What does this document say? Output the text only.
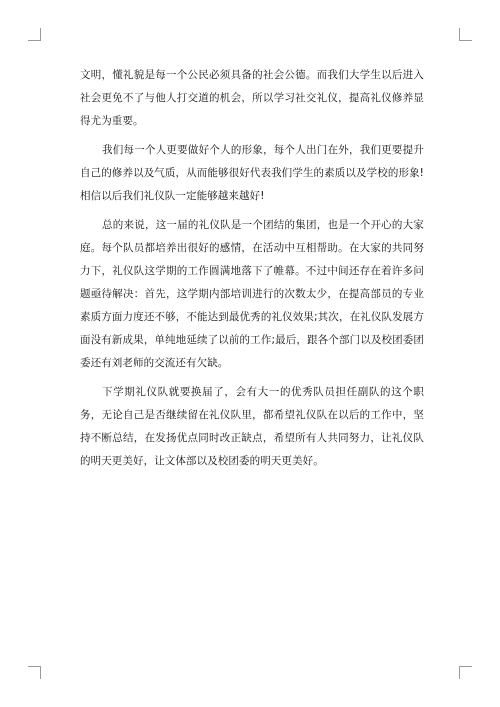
文明，懂礼貌是每一个公民必须具备的社会公德。而我们大学生以后进入社会更免不了与他人打交道的机会，所以学习社交礼仪，提高礼仪修养显得尤为重要。

我们每一个人更要做好个人的形象，每个人出门在外，我们更要提升自己的修养以及气质，从而能够很好代表我们学生的素质以及学校的形象!相信以后我们礼仪队一定能够越来越好!

总的来说，这一届的礼仪队是一个团结的集团，也是一个开心的大家庭。每个队员都培养出很好的感情，在活动中互相帮助。在大家的共同努力下，礼仪队这学期的工作圆满地落下了帷幕。不过中间还存在着许多问题亟待解决：首先，这学期内部培训进行的次数太少，在提高部员的专业素质方面力度还不够，不能达到最优秀的礼仪效果;其次，在礼仪队发展方面没有新成果，单纯地延续了以前的工作;最后，跟各个部门以及校团委团委还有刘老师的交流还有欠缺。

下学期礼仪队就要换届了，会有大一的优秀队员担任副队的这个职务，无论自己是否继续留在礼仪队里，都希望礼仪队在以后的工作中，坚持不断总结，在发扬优点同时改正缺点，希望所有人共同努力，让礼仪队的明天更美好，让文体部以及校团委的明天更美好。
